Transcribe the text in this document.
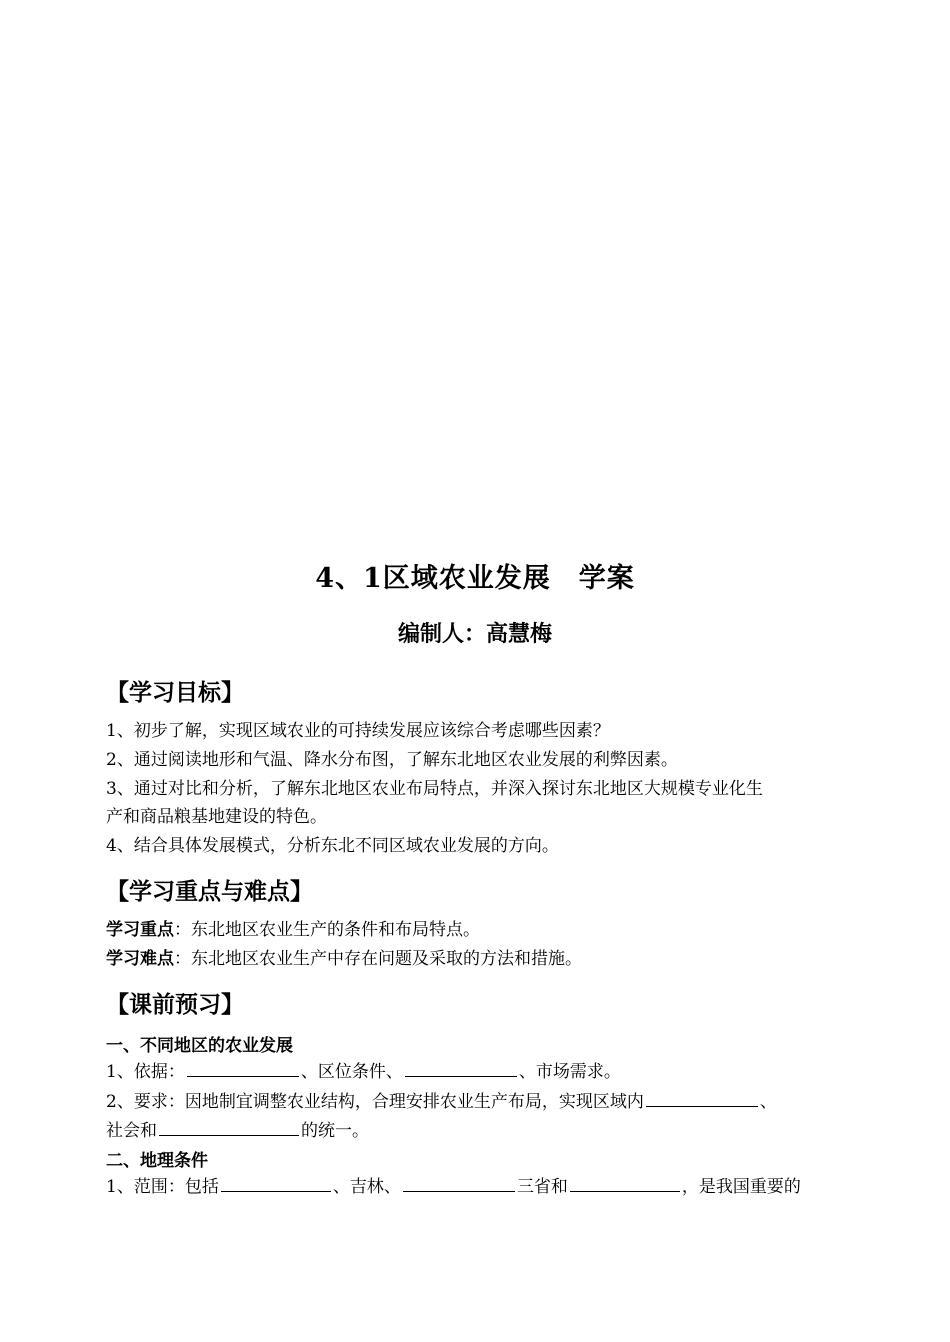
4、1区域农业发展　学案
编制人：高慧梅
【学习目标】
1、初步了解，实现区域农业的可持续发展应该综合考虑哪些因素？
2、通过阅读地形和气温、降水分布图，了解东北地区农业发展的利弊因素。
3、通过对比和分析，了解东北地区农业布局特点，并深入探讨东北地区大规模专业化生
产和商品粮基地建设的特色。
4、结合具体发展模式，分析东北不同区域农业发展的方向。
【学习重点与难点】
学习重点：东北地区农业生产的条件和布局特点。
学习难点：东北地区农业生产中存在问题及采取的方法和措施。
【课前预习】
一、不同地区的农业发展
1、依据：	、区位条件、	、市场需求。
2、要求：因地制宜调整农业结构，合理安排农业生产布局，实现区域内	、
社会和	的统一。
二、地理条件
1、范围：包括	、吉林、	三省和	，是我国重要的
